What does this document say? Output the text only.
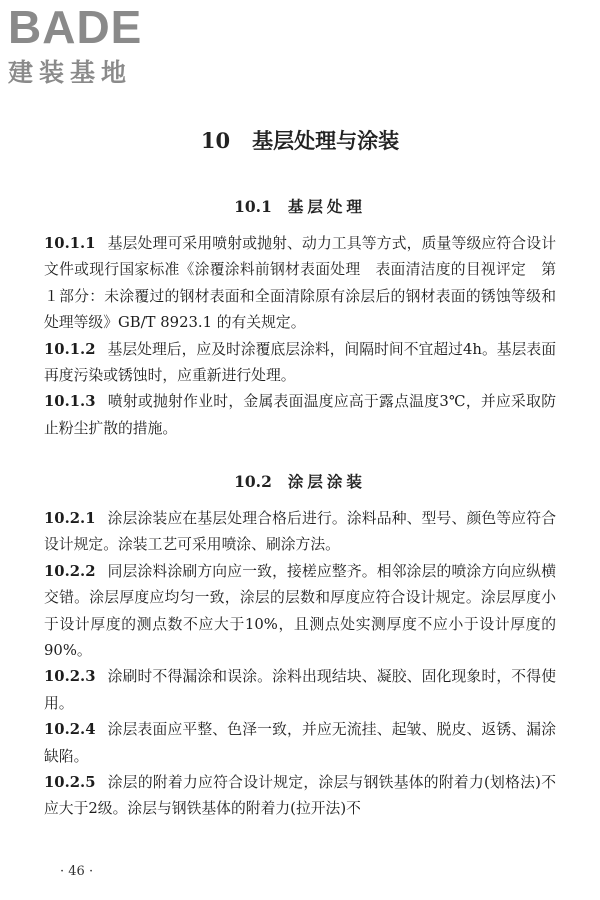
BADE
建装基地
10 基层处理与涂装
10.1 基层处理

10.1.1 基层处理可采用喷射或抛射、动力工具等方式，质量等级应符合设计文件或现行国家标准《涂覆涂料前钢材表面处理　表面清洁度的目视评定　第１部分：未涂覆过的钢材表面和全面清除原有涂层后的钢材表面的锈蚀等级和处理等级》GB/T 8923.1 的有关规定。

10.1.2 基层处理后，应及时涂覆底层涂料，间隔时间不宜超过4h。基层表面再度污染或锈蚀时，应重新进行处理。

10.1.3 喷射或抛射作业时，金属表面温度应高于露点温度3℃，并应采取防止粉尘扩散的措施。

10.2 涂层涂装

10.2.1 涂层涂装应在基层处理合格后进行。涂料品种、型号、颜色等应符合设计规定。涂装工艺可采用喷涂、刷涂方法。

10.2.2 同层涂料涂刷方向应一致，接槎应整齐。相邻涂层的喷涂方向应纵横交错。涂层厚度应均匀一致，涂层的层数和厚度应符合设计规定。涂层厚度小于设计厚度的测点数不应大于10%，且测点处实测厚度不应小于设计厚度的90%。

10.2.3 涂刷时不得漏涂和误涂。涂料出现结块、凝胶、固化现象时，不得使用。

10.2.4 涂层表面应平整、色泽一致，并应无流挂、起皱、脱皮、返锈、漏涂缺陷。

10.2.5 涂层的附着力应符合设计规定，涂层与钢铁基体的附着力(划格法)不应大于2级。涂层与钢铁基体的附着力(拉开法)不

· 46 ·
